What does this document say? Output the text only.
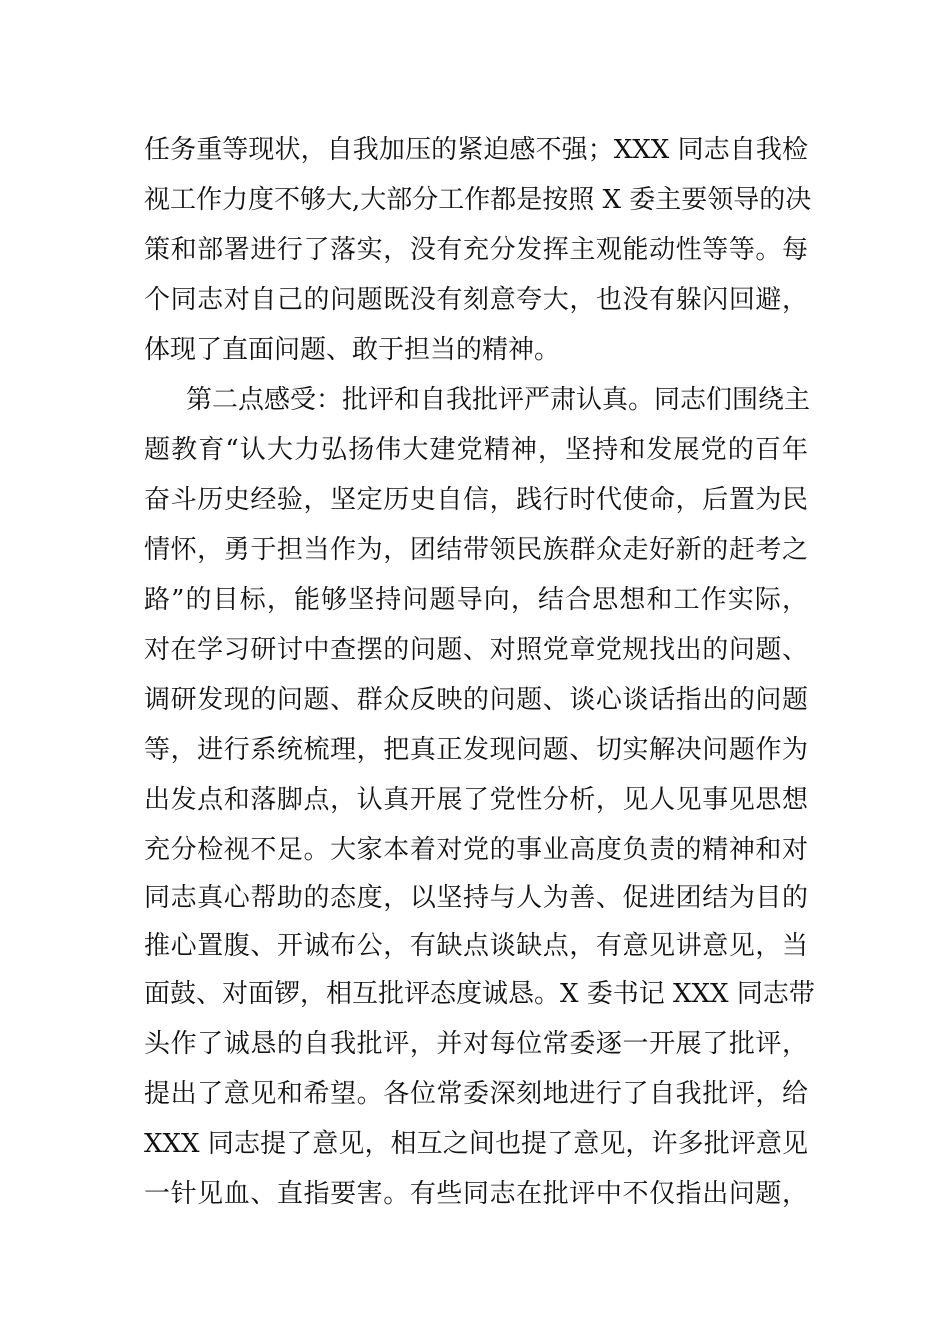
任务重等现状，自我加压的紧迫感不强；XXX 同志自我检
视工作力度不够大,大部分工作都是按照 X 委主要领导的决
策和部署进行了落实，没有充分发挥主观能动性等等。每
个同志对自己的问题既没有刻意夸大，也没有躲闪回避，
体现了直面问题、敢于担当的精神。
第二点感受：批评和自我批评严肃认真。同志们围绕主
题教育“认大力弘扬伟大建党精神，坚持和发展党的百年
奋斗历史经验，坚定历史自信，践行时代使命，后置为民
情怀，勇于担当作为，团结带领民族群众走好新的赶考之
路”的目标，能够坚持问题导向，结合思想和工作实际，
对在学习研讨中查摆的问题、对照党章党规找出的问题、
调研发现的问题、群众反映的问题、谈心谈话指出的问题
等，进行系统梳理，把真正发现问题、切实解决问题作为
出发点和落脚点，认真开展了党性分析，见人见事见思想
充分检视不足。大家本着对党的事业高度负责的精神和对
同志真心帮助的态度，以坚持与人为善、促进团结为目的
推心置腹、开诚布公，有缺点谈缺点，有意见讲意见，当
面鼓、对面锣，相互批评态度诚恳。X 委书记 XXX 同志带
头作了诚恳的自我批评，并对每位常委逐一开展了批评，
提出了意见和希望。各位常委深刻地进行了自我批评，给
XXX 同志提了意见，相互之间也提了意见，许多批评意见
一针见血、直指要害。有些同志在批评中不仅指出问题，
